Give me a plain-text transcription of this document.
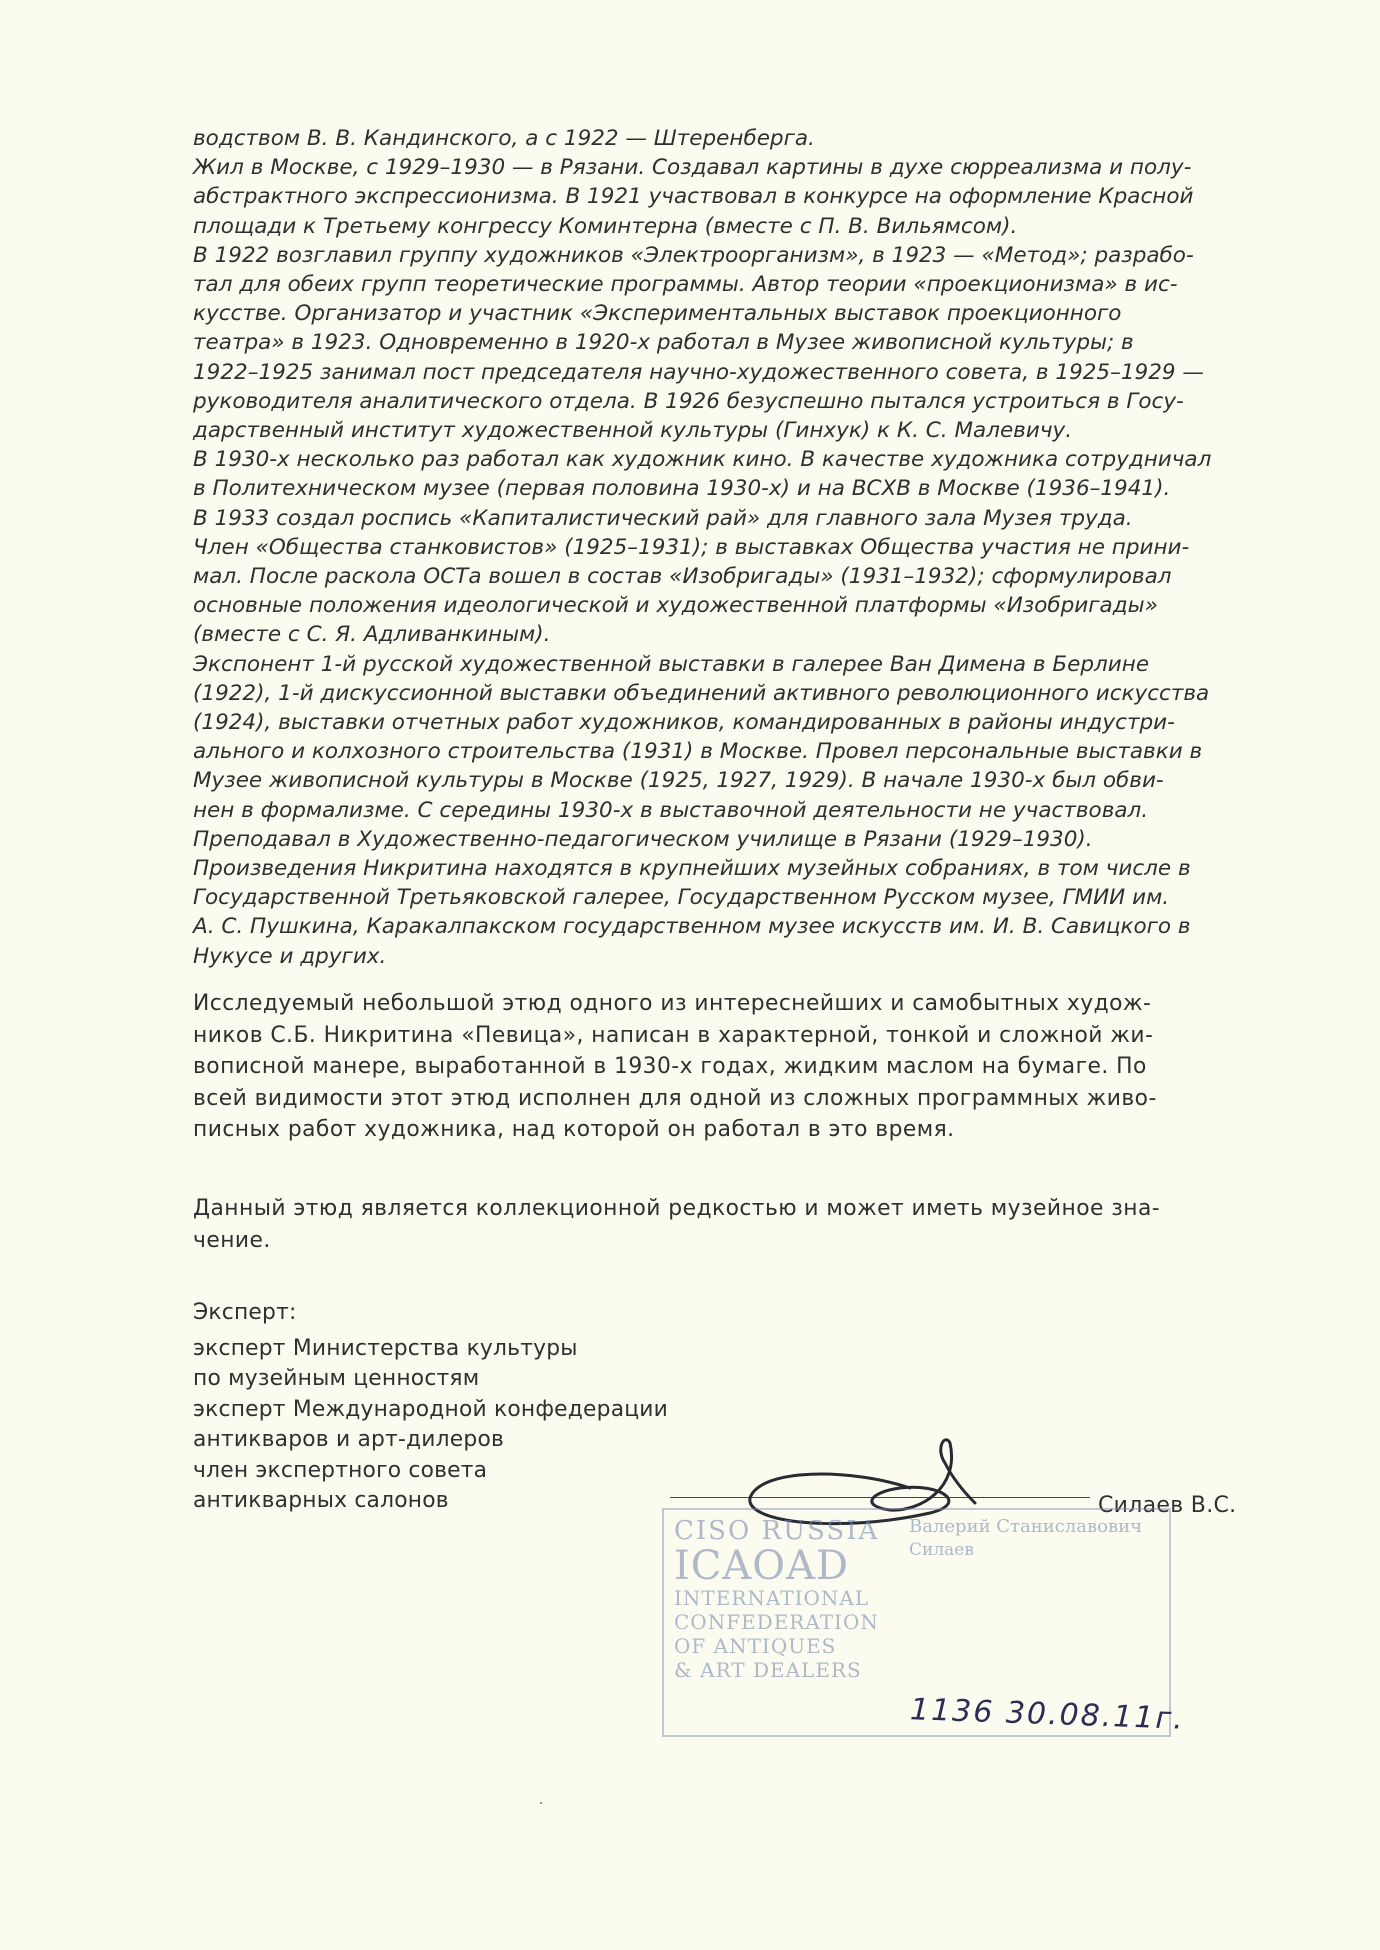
водством В. В. Кандинского, а с 1922 — Штеренберга.
Жил в Москве, с 1929–1930 — в Рязани. Создавал картины в духе сюрреализма и полу-
абстрактного экспрессионизма. В 1921 участвовал в конкурсе на оформление Красной
площади к Третьему конгрессу Коминтерна (вместе с П. В. Вильямсом).
В 1922 возглавил группу художников «Электроорганизм», в 1923 — «Метод»; разрабо-
тал для обеих групп теоретические программы. Автор теории «проекционизма» в ис-
кусстве. Организатор и участник «Экспериментальных выставок проекционного
театра» в 1923. Одновременно в 1920-х работал в Музее живописной культуры; в
1922–1925 занимал пост председателя научно-художественного совета, в 1925–1929 —
руководителя аналитического отдела. В 1926 безуспешно пытался устроиться в Госу-
дарственный институт художественной культуры (Гинхук) к К. С. Малевичу.
В 1930-х несколько раз работал как художник кино. В качестве художника сотрудничал
в Политехническом музее (первая половина 1930-х) и на ВСХВ в Москве (1936–1941).
В 1933 создал роспись «Капиталистический рай» для главного зала Музея труда.
Член «Общества станковистов» (1925–1931); в выставках Общества участия не прини-
мал. После раскола ОСТа вошел в состав «Изобригады» (1931–1932); сформулировал
основные положения идеологической и художественной платформы «Изобригады»
(вместе с С. Я. Адливанкиным).
Экспонент 1-й русской художественной выставки в галерее Ван Димена в Берлине
(1922), 1-й дискуссионной выставки объединений активного революционного искусства
(1924), выставки отчетных работ художников, командированных в районы индустри-
ального и колхозного строительства (1931) в Москве. Провел персональные выставки в
Музее живописной культуры в Москве (1925, 1927, 1929). В начале 1930-х был обви-
нен в формализме. С середины 1930-х в выставочной деятельности не участвовал.
Преподавал в Художественно-педагогическом училище в Рязани (1929–1930).
Произведения Никритина находятся в крупнейших музейных собраниях, в том числе в
Государственной Третьяковской галерее, Государственном Русском музее, ГМИИ им.
А. С. Пушкина, Каракалпакском государственном музее искусств им. И. В. Савицкого в
Нукусе и других.
Исследуемый небольшой этюд одного из интереснейших и самобытных худож-
ников С.Б. Никритина «Певица», написан в характерной, тонкой и сложной жи-
вописной манере, выработанной в 1930-х годах, жидким маслом на бумаге. По
всей видимости этот этюд исполнен для одной из сложных программных живо-
писных работ художника, над которой он работал в это время.
Данный этюд является коллекционной редкостью и может иметь музейное зна-
чение.
Эксперт:
эксперт Министерства культуры
по музейным ценностям
эксперт Международной конфедерации
антикваров и арт-дилеров
член экспертного совета
антикварных салонов	Силаев В.С.
CISO RUSSIA
ICAOAD
INTERNATIONAL
CONFEDERATION
OF ANTIQUES
& ART DEALERS
Валерий Станиславович
Силаев
1136 30.08.11г.
